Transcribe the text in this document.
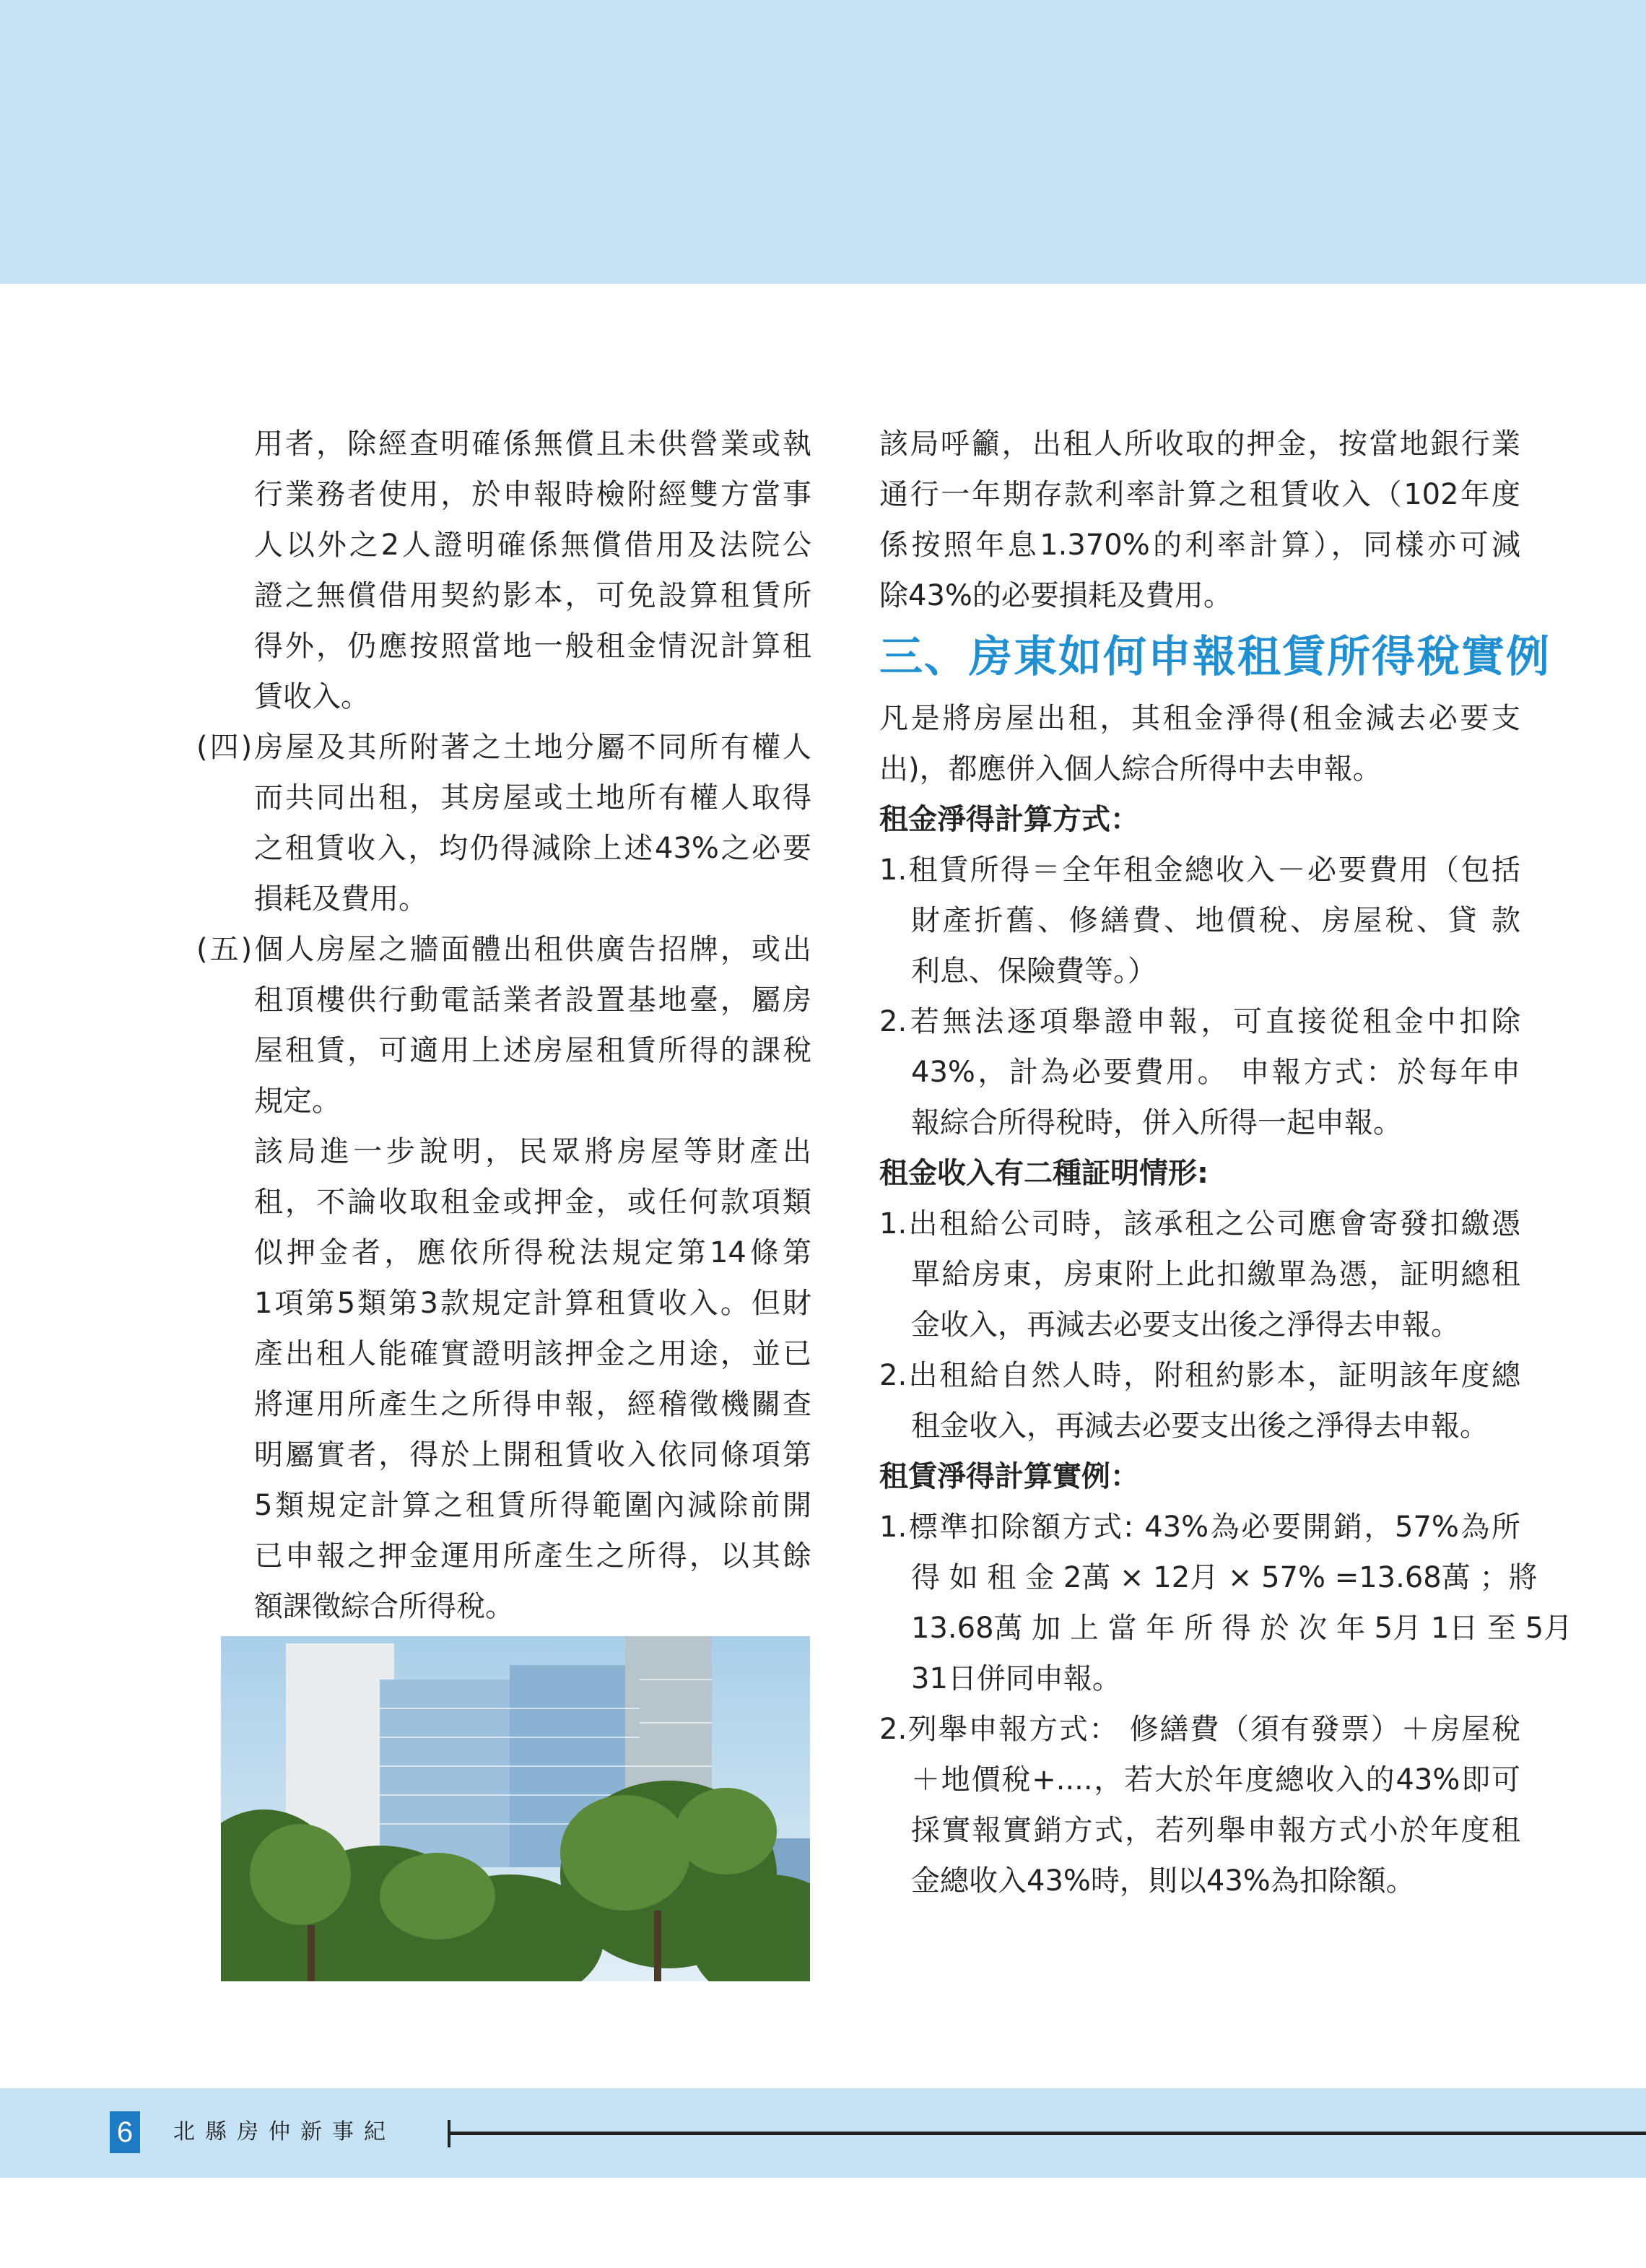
用者，除經查明確係無償且未供營業或執

行業務者使用，於申報時檢附經雙方當事

人以外之2人證明確係無償借用及法院公

證之無償借用契約影本，可免設算租賃所

得外，仍應按照當地一般租金情況計算租

賃收入。

(四)房屋及其所附著之土地分屬不同所有權人

而共同出租，其房屋或土地所有權人取得

之租賃收入，均仍得減除上述43%之必要

損耗及費用。

(五)個人房屋之牆面體出租供廣告招牌，或出

租頂樓供行動電話業者設置基地臺，屬房

屋租賃，可適用上述房屋租賃所得的課稅

規定。

該局進一步說明，民眾將房屋等財產出

租，不論收取租金或押金，或任何款項類

似押金者，應依所得稅法規定第14條第

1項第5類第3款規定計算租賃收入。但財

產出租人能確實證明該押金之用途，並已

將運用所產生之所得申報，經稽徵機關查

明屬實者，得於上開租賃收入依同條項第

5類規定計算之租賃所得範圍內減除前開

已申報之押金運用所產生之所得，以其餘

額課徵綜合所得稅。

該局呼籲，出租人所收取的押金，按當地銀行業

通行一年期存款利率計算之租賃收入（102年度

係按照年息1.370%的利率計算），同樣亦可減

除43%的必要損耗及費用。

三、房東如何申報租賃所得稅實例

凡是將房屋出租，其租金淨得(租金減去必要支

出)，都應併入個人綜合所得中去申報。

租金淨得計算方式：

1.租賃所得＝全年租金總收入－必要費用（包括

財產折舊、修繕費、地價稅、房屋稅、貸 款

利息、保險費等。）

2.若無法逐項舉證申報，可直接從租金中扣除

43%，計為必要費用。 申報方式：於每年申

報綜合所得稅時，併入所得一起申報。

租金收入有二種証明情形:

1.出租給公司時，該承租之公司應會寄發扣繳憑

單給房東，房東附上此扣繳單為憑，証明總租

金收入，再減去必要支出後之淨得去申報。

2.出租給自然人時，附租約影本，証明該年度總

租金收入，再減去必要支出後之淨得去申報。

租賃淨得計算實例：

1.標準扣除額方式: 43%為必要開銷，57%為所

得 如 租 金 2萬 × 12月 × 57% =13.68萬 ；將

13.68萬 加 上 當 年 所 得 於 次 年 5月 1日 至 5月

31日併同申報。

2.列舉申報方式： 修繕費（須有發票）＋房屋稅

＋地價稅+....，若大於年度總收入的43%即可

採實報實銷方式，若列舉申報方式小於年度租

金總收入43%時，則以43%為扣除額。

6	北縣房仲新事紀
